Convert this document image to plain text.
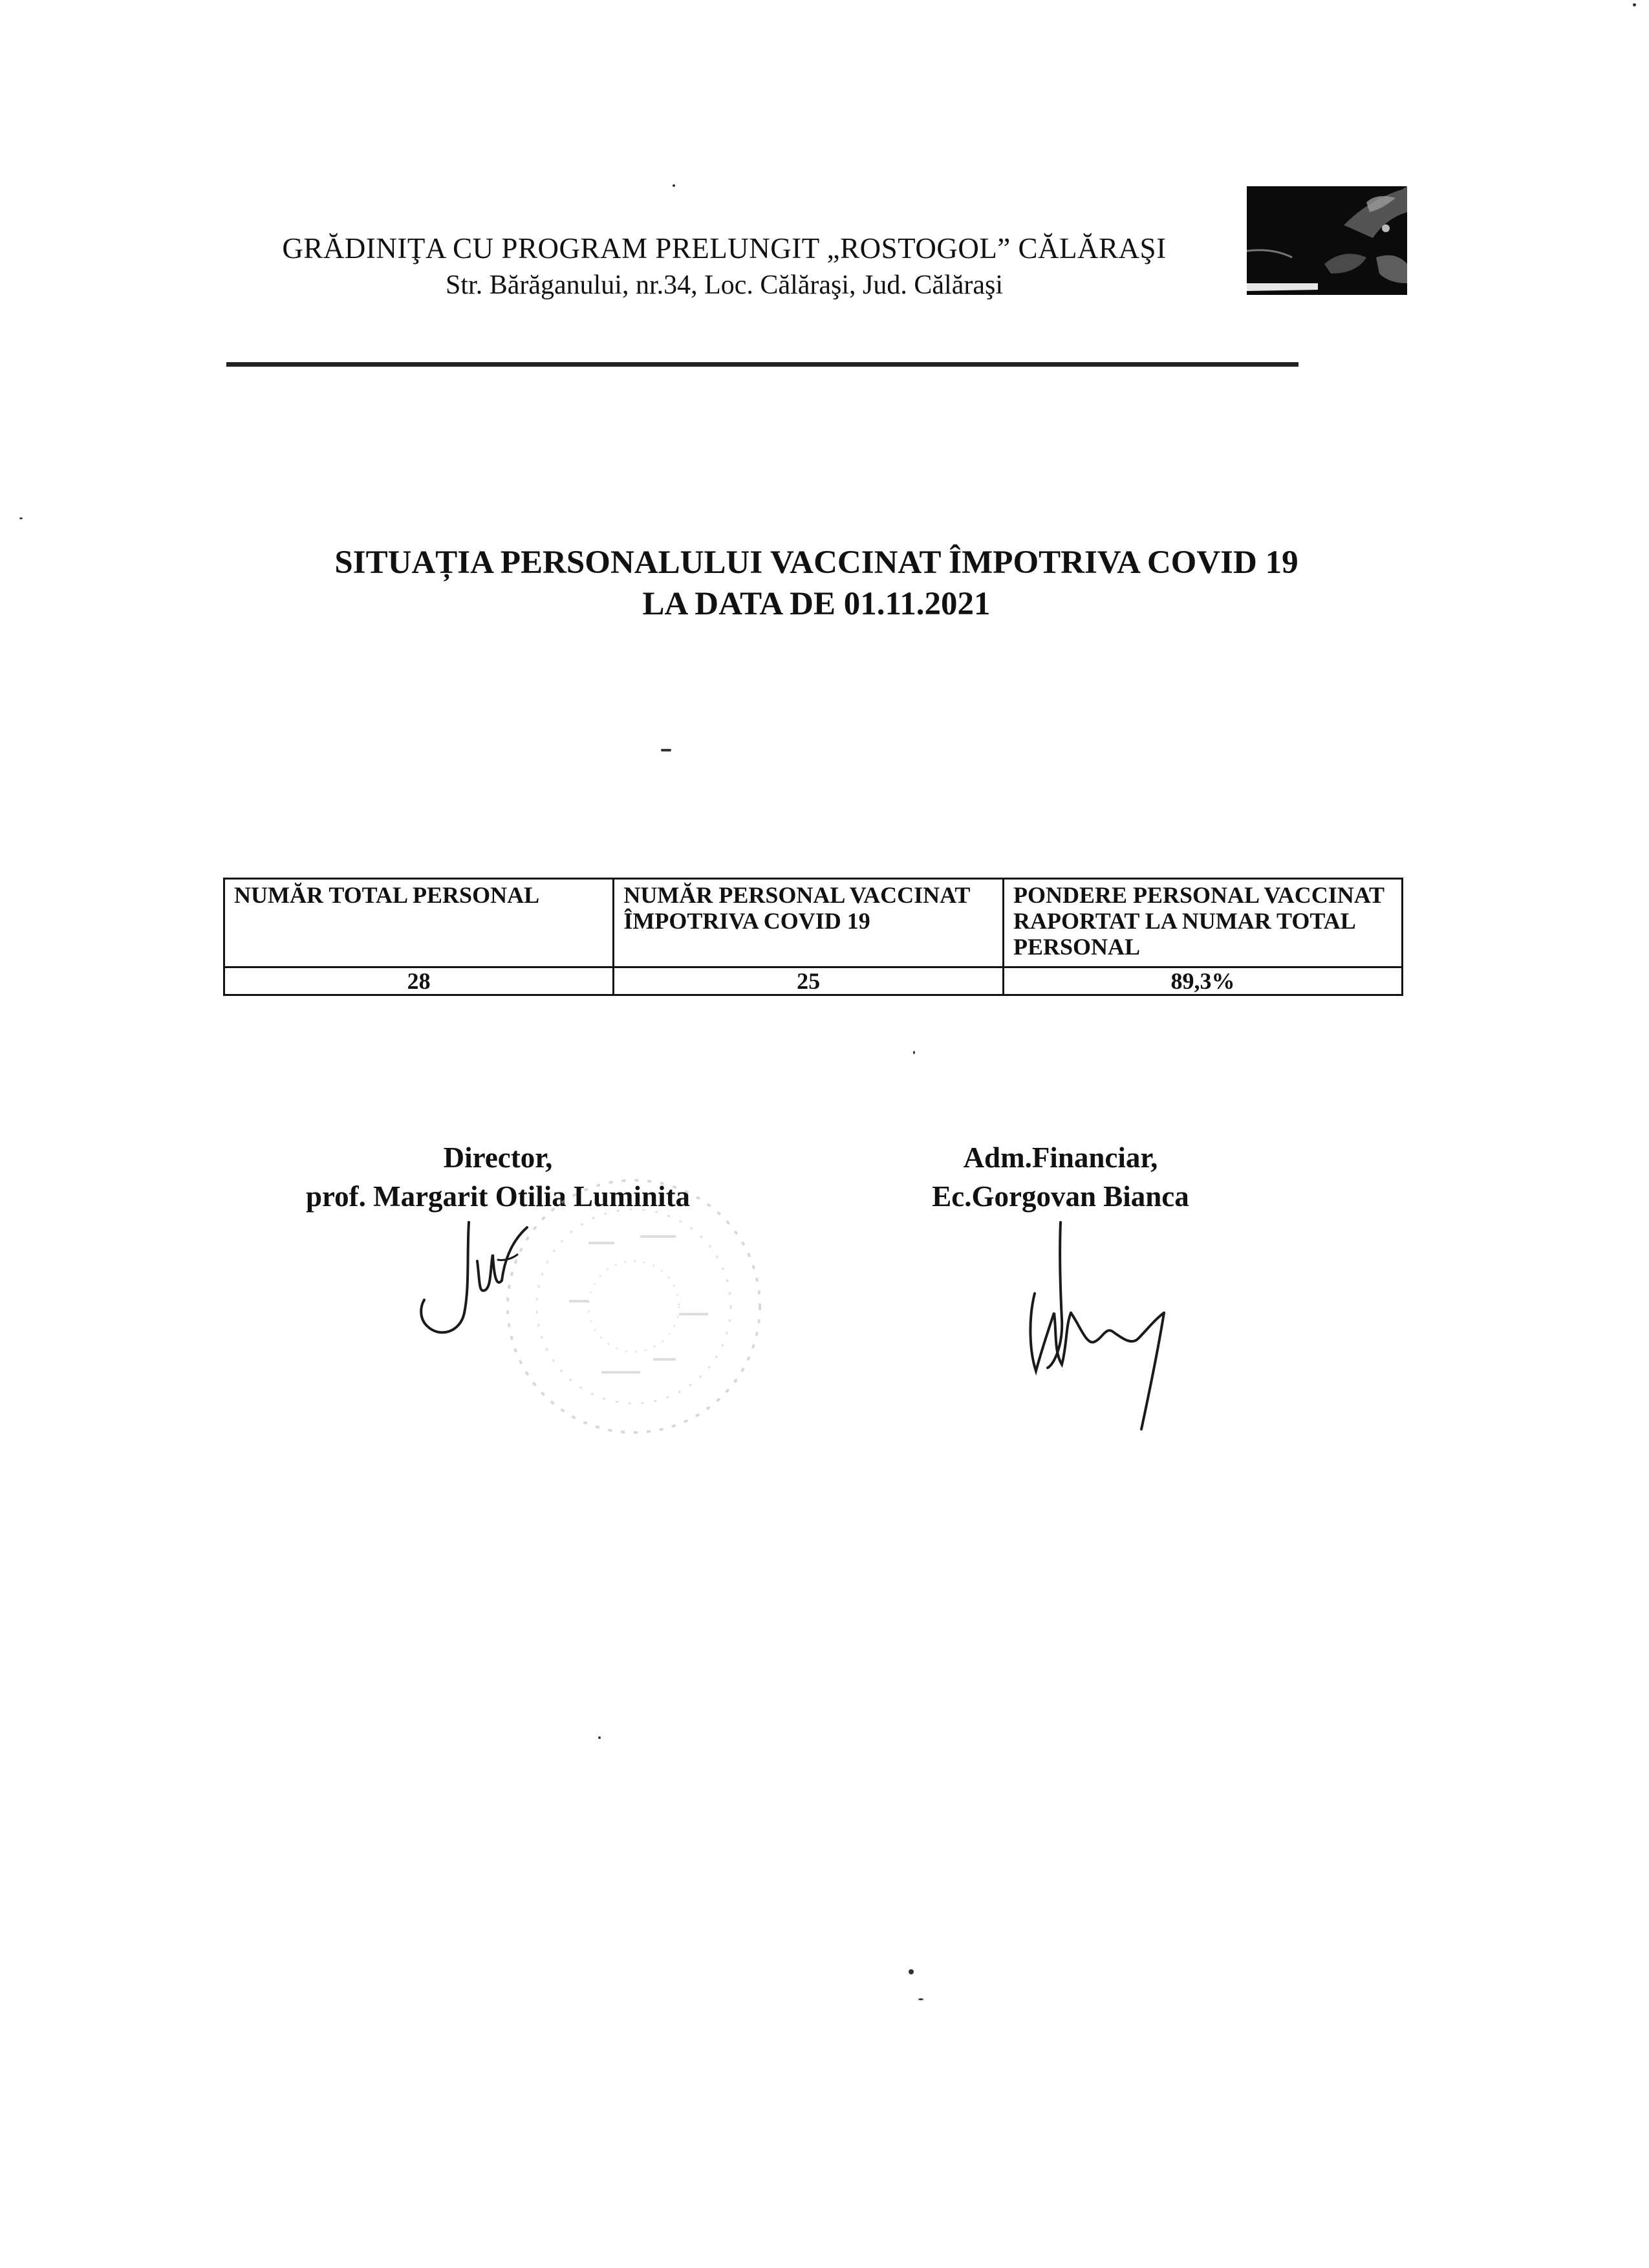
GRĂDINIŢA CU PROGRAM PRELUNGIT „ROSTOGOL” CĂLĂRAŞI
Str. Bărăganului, nr.34, Loc. Călăraşi, Jud. Călăraşi
SITUAȚIA PERSONALULUI VACCINAT ÎMPOTRIVA COVID 19
LA DATA DE 01.11.2021
NUMĂR TOTAL PERSONAL	NUMĂR PERSONAL VACCINAT ÎMPOTRIVA COVID 19	PONDERE PERSONAL VACCINAT RAPORTAT LA NUMAR TOTAL PERSONAL
28	25	89,3%
Director,
prof. Margarit Otilia Luminita
Adm.Financiar,
Ec.Gorgovan Bianca
